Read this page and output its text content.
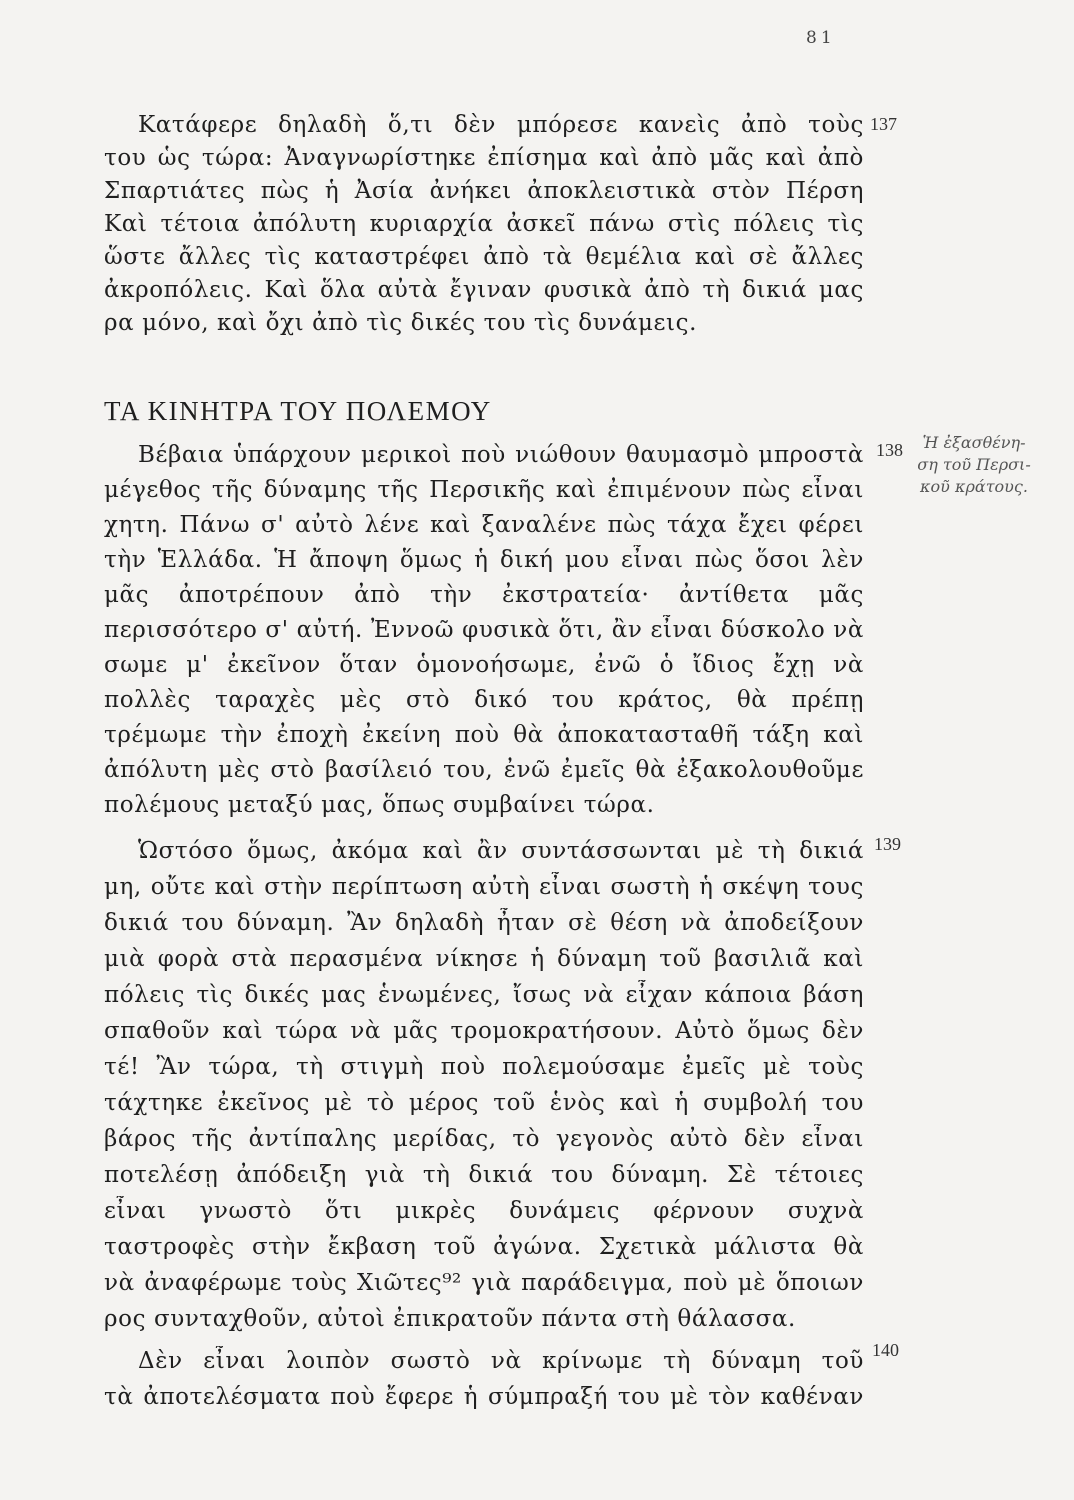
81
Κατάφερε δηλαδὴ ὅ,τι δὲν μπόρεσε κανεὶς ἀπὸ τοὺς
του ὡς τώρα: Ἀναγνωρίστηκε ἐπίσημα καὶ ἀπὸ μᾶς καὶ ἀπὸ
Σπαρτιάτες πὼς ἡ Ἀσία ἀνήκει ἀποκλειστικὰ στὸν Πέρση
Καὶ τέτοια ἀπόλυτη κυριαρχία ἀσκεῖ πάνω στὶς πόλεις τὶς
ὥστε ἄλλες τὶς καταστρέφει ἀπὸ τὰ θεμέλια καὶ σὲ ἄλλες
ἀκροπόλεις. Καὶ ὅλα αὐτὰ ἔγιναν φυσικὰ ἀπὸ τὴ δικιά μας
ρα μόνο, καὶ ὄχι ἀπὸ τὶς δικές του τὶς δυνάμεις.
137
ΤΑ ΚΙΝΗΤΡΑ ΤΟΥ ΠΟΛΕΜΟΥ
Βέβαια ὑπάρχουν μερικοὶ ποὺ νιώθουν θαυμασμὸ μπροστὰ
μέγεθος τῆς δύναμης τῆς Περσικῆς καὶ ἐπιμένουν πὼς εἶναι
χητη. Πάνω σ' αὐτὸ λένε καὶ ξαναλένε πὼς τάχα ἔχει φέρει
τὴν Ἑλλάδα. Ἡ ἄποψη ὅμως ἡ δική μου εἶναι πὼς ὅσοι λὲν
μᾶς ἀποτρέπουν ἀπὸ τὴν ἐκστρατεία· ἀντίθετα μᾶς
περισσότερο σ' αὐτή. Ἐννοῶ φυσικὰ ὅτι, ἂν εἶναι δύσκολο νὰ
σωμε μ' ἐκεῖνον ὅταν ὁμονοήσωμε, ἐνῶ ὁ ἴδιος ἔχῃ νὰ
πολλὲς ταραχὲς μὲς στὸ δικό του κράτος, θὰ πρέπῃ
τρέμωμε τὴν ἐποχὴ ἐκείνη ποὺ θὰ ἀποκατασταθῆ τάξη καὶ
ἀπόλυτη μὲς στὸ βασίλειό του, ἐνῶ ἐμεῖς θὰ ἐξακολουθοῦμε
πολέμους μεταξύ μας, ὅπως συμβαίνει τώρα.
138	Ἡ ἐξασθένη-
ση τοῦ Περσι-
κοῦ κράτους.
Ὡστόσο ὅμως, ἀκόμα καὶ ἂν συντάσσωνται μὲ τὴ δικιά
μη, οὔτε καὶ στὴν περίπτωση αὐτὴ εἶναι σωστὴ ἡ σκέψη τους
δικιά του δύναμη. Ἂν δηλαδὴ ἦταν σὲ θέση νὰ ἀποδείξουν
μιὰ φορὰ στὰ περασμένα νίκησε ἡ δύναμη τοῦ βασιλιᾶ καὶ
πόλεις τὶς δικές μας ἑνωμένες, ἴσως νὰ εἶχαν κάποια βάση
σπαθοῦν καὶ τώρα νὰ μᾶς τρομοκρατήσουν. Αὐτὸ ὅμως δὲν
τέ! Ἂν τώρα, τὴ στιγμὴ ποὺ πολεμούσαμε ἐμεῖς μὲ τοὺς
τάχτηκε ἐκεῖνος μὲ τὸ μέρος τοῦ ἑνὸς καὶ ἡ συμβολή του
βάρος τῆς ἀντίπαλης μερίδας, τὸ γεγονὸς αὐτὸ δὲν εἶναι
ποτελέσῃ ἀπόδειξη γιὰ τὴ δικιά του δύναμη. Σὲ τέτοιες
εἶναι γνωστὸ ὅτι μικρὲς δυνάμεις φέρνουν συχνὰ
ταστροφὲς στὴν ἔκβαση τοῦ ἀγώνα. Σχετικὰ μάλιστα θὰ
νὰ ἀναφέρωμε τοὺς Χιῶτες⁹² γιὰ παράδειγμα, ποὺ μὲ ὅποιων
ρος συνταχθοῦν, αὐτοὶ ἐπικρατοῦν πάντα στὴ θάλασσα.
139
Δὲν εἶναι λοιπὸν σωστὸ νὰ κρίνωμε τὴ δύναμη τοῦ
τὰ ἀποτελέσματα ποὺ ἔφερε ἡ σύμπραξή του μὲ τὸν καθέναν
140
